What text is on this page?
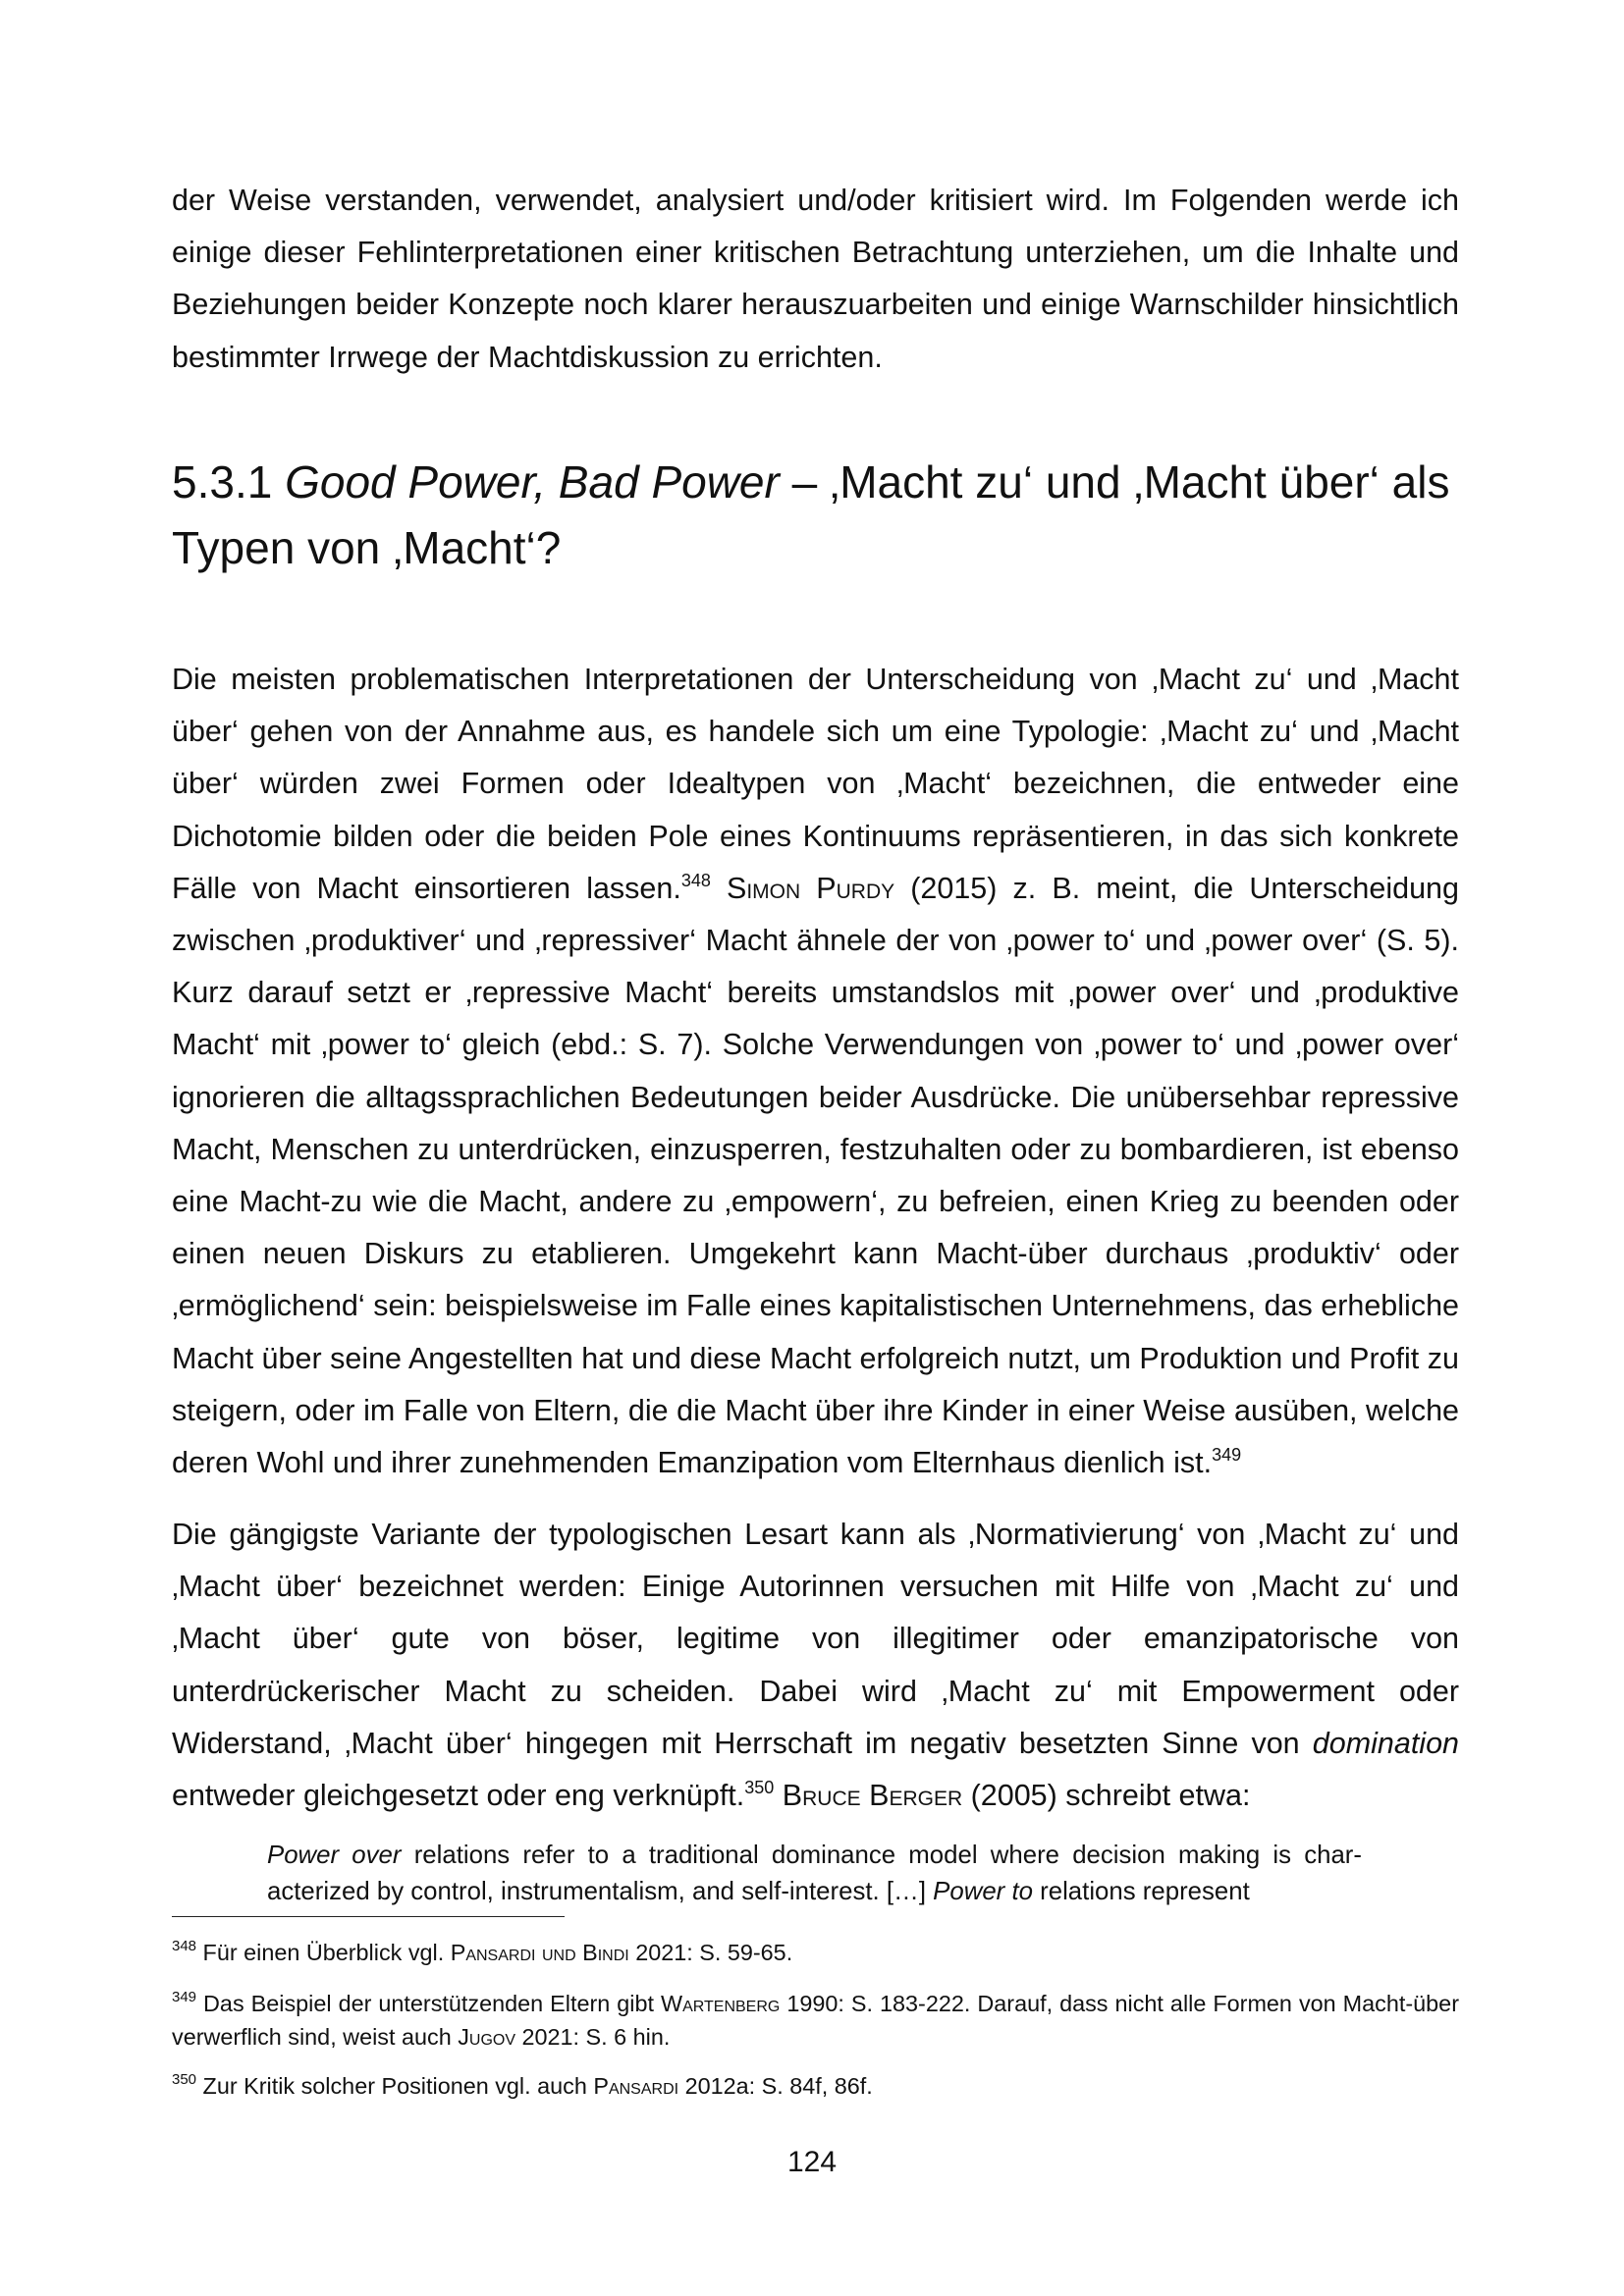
der Weise verstanden, verwendet, analysiert und/oder kritisiert wird. Im Folgenden werde ich einige dieser Fehlinterpretationen einer kritischen Betrachtung unterziehen, um die Inhalte und Beziehungen beider Konzepte noch klarer herauszuarbeiten und einige Warnschilder hinsichtlich bestimmter Irrwege der Machtdiskussion zu errichten.

5.3.1 Good Power, Bad Power – ‚Macht zu‘ und ‚Macht über‘ als Typen von ‚Macht‘?

Die meisten problematischen Interpretationen der Unterscheidung von ‚Macht zu‘ und ‚Macht über‘ gehen von der Annahme aus, es handele sich um eine Typologie: ‚Macht zu‘ und ‚Macht über‘ würden zwei Formen oder Idealtypen von ‚Macht‘ bezeichnen, die entweder eine Dichotomie bilden oder die beiden Pole eines Kontinuums repräsentieren, in das sich konkrete Fälle von Macht einsortieren lassen.$^{348}$ Simon Purdy (2015) z. B. meint, die Unterscheidung zwischen ‚produktiver‘ und ‚repressiver‘ Macht ähnele der von ‚power to‘ und ‚power over‘ (S. 5). Kurz darauf setzt er ‚repressive Macht‘ bereits umstandslos mit ‚power over‘ und ‚produktive Macht‘ mit ‚power to‘ gleich (ebd.: S. 7). Solche Verwendungen von ‚power to‘ und ‚power over‘ ignorieren die alltagssprachlichen Bedeutungen beider Ausdrücke. Die unübersehbar repressive Macht, Menschen zu unterdrücken, einzusperren, festzuhalten oder zu bombardieren, ist ebenso eine Macht-zu wie die Macht, andere zu ‚empowern‘, zu befreien, einen Krieg zu beenden oder einen neuen Diskurs zu etablieren. Umgekehrt kann Macht-über durchaus ‚produktiv‘ oder ‚ermöglichend‘ sein: beispielsweise im Falle eines kapitalistischen Unternehmens, das erhebliche Macht über seine Angestellten hat und diese Macht erfolgreich nutzt, um Produktion und Profit zu steigern, oder im Falle von Eltern, die die Macht über ihre Kinder in einer Weise ausüben, welche deren Wohl und ihrer zunehmenden Emanzipation vom Elternhaus dienlich ist.$^{349}$

Die gängigste Variante der typologischen Lesart kann als ‚Normativierung‘ von ‚Macht zu‘ und ‚Macht über‘ bezeichnet werden: Einige Autorinnen versuchen mit Hilfe von ‚Macht zu‘ und ‚Macht über‘ gute von böser, legitime von illegitimer oder emanzipatorische von unterdrückerischer Macht zu scheiden. Dabei wird ‚Macht zu‘ mit Empowerment oder Widerstand, ‚Macht über‘ hingegen mit Herrschaft im negativ besetzten Sinne von domination entweder gleichgesetzt oder eng verknüpft.$^{350}$ Bruce Berger (2005) schreibt etwa:

Power over relations refer to a traditional dominance model where decision making is characterized by control, instrumentalism, and self-interest. […] Power to relations represent

$^{348}$ Für einen Überblick vgl. Pansardi und Bindi 2021: S. 59-65.

$^{349}$ Das Beispiel der unterstützenden Eltern gibt Wartenberg 1990: S. 183-222. Darauf, dass nicht alle Formen von Macht-über verwerflich sind, weist auch Jugov 2021: S. 6 hin.

$^{350}$ Zur Kritik solcher Positionen vgl. auch Pansardi 2012a: S. 84f, 86f.

124
